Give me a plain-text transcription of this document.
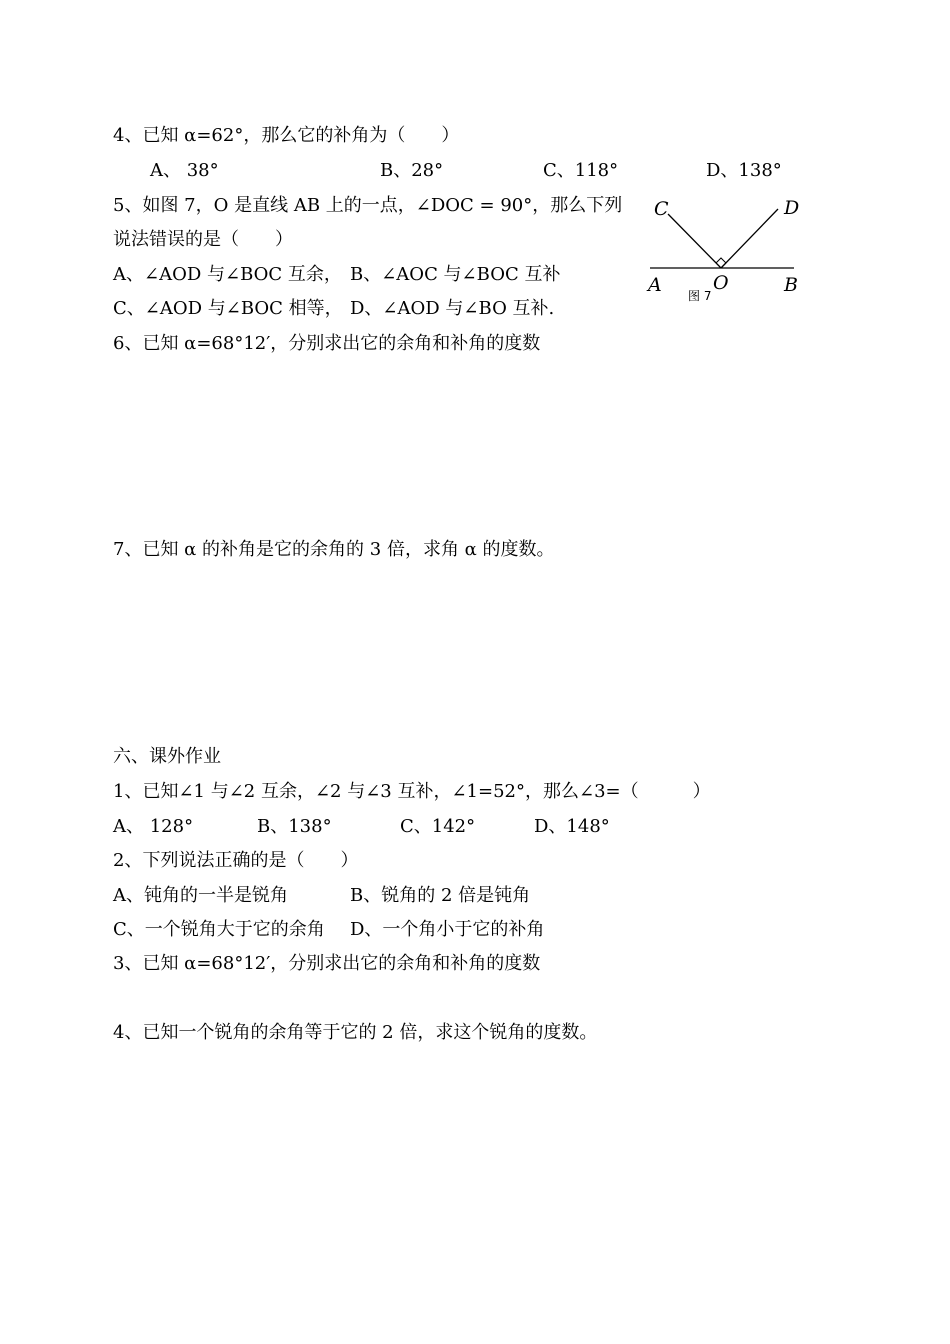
4、已知 α=62°，那么它的补角为（　　）
A、 38°	B、28°	C、118°	D、138°
5、如图 7，O 是直线 AB 上的一点，∠DOC = 90°，那么下列
说法错误的是（　　）
A、∠AOD 与∠BOC 互余， B、∠AOC 与∠BOC 互补
C、∠AOD 与∠BOC 相等， D、∠AOD 与∠BO 互补.
C	D
A	O	B
图 7
6、已知 α=68°12′，分别求出它的余角和补角的度数
7、已知 α 的补角是它的余角的 3 倍，求角 α 的度数。
六、课外作业
1、已知∠1 与∠2 互余，∠2 与∠3 互补，∠1=52°，那么∠3=（　　　）
A、 128°	B、138°	C、142°	D、148°
2、下列说法正确的是（　　）
A、钝角的一半是锐角	B、锐角的 2 倍是钝角
C、一个锐角大于它的余角 D、一个角小于它的补角
3、已知 α=68°12′，分别求出它的余角和补角的度数
4、已知一个锐角的余角等于它的 2 倍，求这个锐角的度数。
